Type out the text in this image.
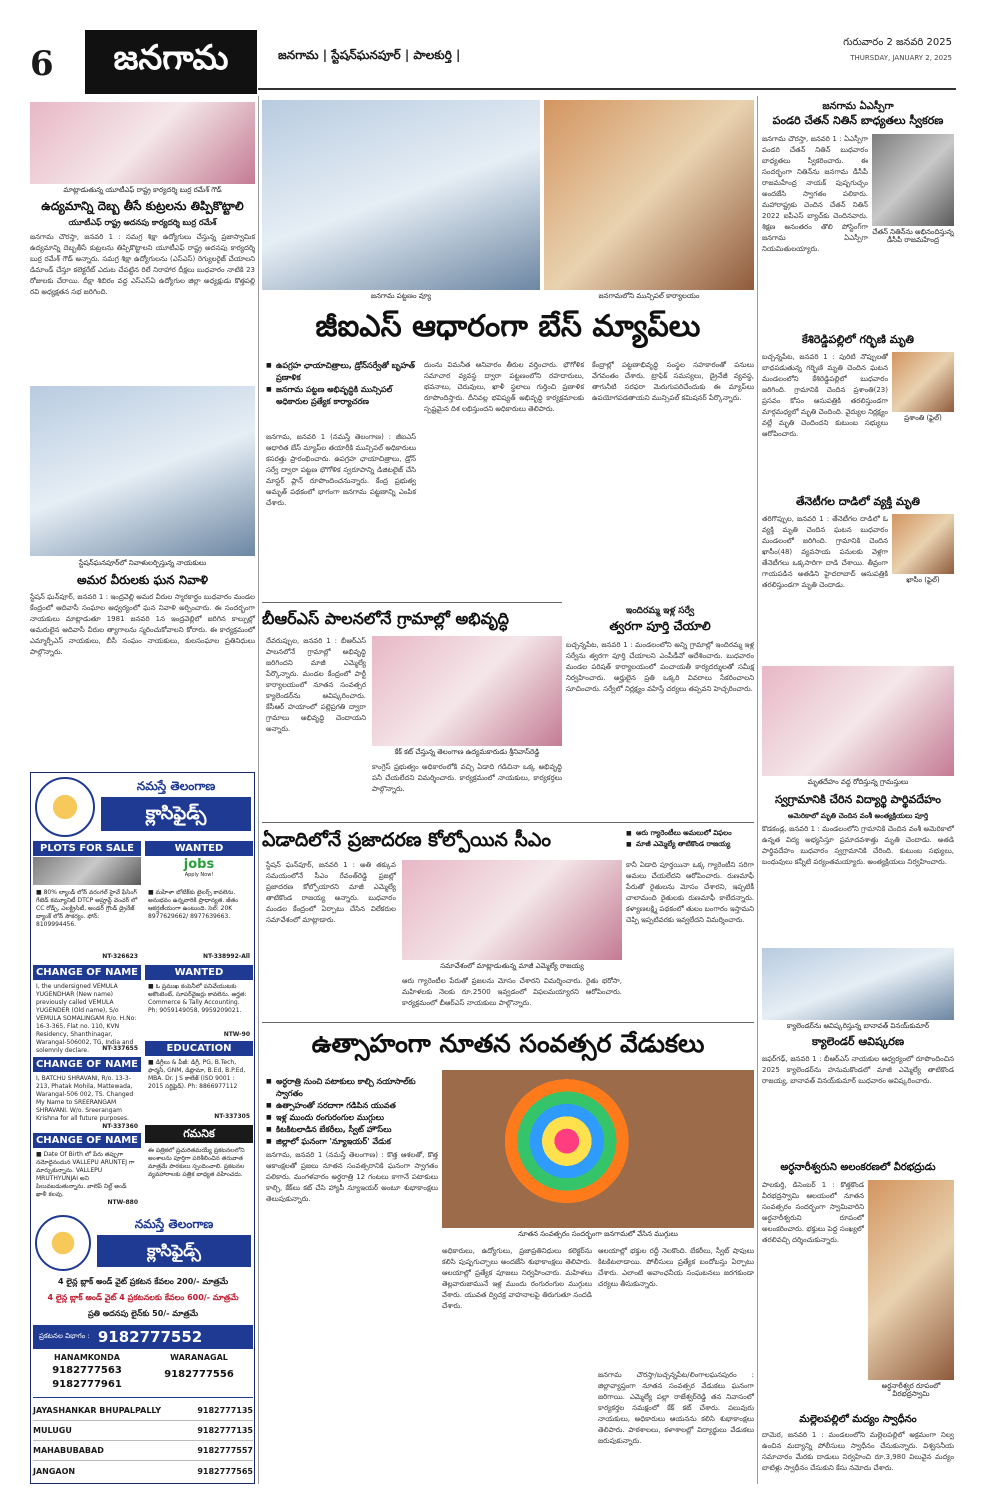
6	జనగామ	జనగామ | స్టేషన్‌ఘనపూర్ | పాలకుర్తి |
గురువారం 2 జనవరి 2025
THURSDAY, JANUARY 2, 2025
మాట్లాడుతున్న యూటీఎఫ్ రాష్ట్ర కార్యదర్శి బుర్ర రమేశ్ గౌడ్
ఉద్యమాన్ని దెబ్బ తీసే కుట్రలను తిప్పికొట్టాలి
యూటీఎఫ్ రాష్ట్ర అదనపు కార్యదర్శి బుర్ర రమేశ్
జనగామ చౌరస్తా, జనవరి 1 : సమగ్ర శిక్షా ఉద్యోగులు చేస్తున్న ప్రజాస్వామిక ఉద్యమాన్ని దెబ్బతీసే కుట్రలను తిప్పికొట్టాలని యూటీఎఫ్ రాష్ట్ర అదనపు కార్యదర్శి బుర్ర రమేశ్ గౌడ్ అన్నారు. సమగ్ర శిక్షా ఉద్యోగులను (ఎస్ఎస్) రెగ్యులరైజ్ చేయాలని డిమాండ్ చేస్తూ కలెక్టరేట్ ఎదుట చేపట్టిన రిలే నిరాహార దీక్షలు బుధవారం నాటికి 23 రోజులకు చేరాయి. దీక్షా శిబిరం వద్ద ఎస్ఎస్ఏ ఉద్యోగుల జిల్లా అధ్యక్షుడు కొత్తపల్లి రవి అధ్యక్షతన సభ జరిగింది.
స్టేషన్‌ఘనపూర్‌లో నివాళులర్పిస్తున్న నాయకులు
అమర వీరులకు ఘన నివాళి
స్టేషన్ ఘన్‌పూర్, జనవరి 1 : ఇంద్రవెల్లి అమర వీరుల స్మారకార్థం బుధవారం మండల కేంద్రంలో ఆదివాసీ సంఘాల ఆధ్వర్యంలో ఘన నివాళి అర్పించారు. ఈ సందర్భంగా నాయకులు మాట్లాడుతూ 1981 జనవరి 1న ఇంద్రవెల్లిలో జరిగిన కాల్పుల్లో అమరులైన ఆదివాసీ వీరుల త్యాగాలను స్మరించుకోవాలని కోరారు. ఈ కార్యక్రమంలో ఎమ్మార్పీఎస్ నాయకులు, బీసీ సంఘం నాయకులు, కులసంఘాల ప్రతినిధులు పాల్గొన్నారు.
నమస్తే తెలంగాణ
క్లాసిఫైడ్స్
PLOTS FOR SALE
■ 80% ల్యాండ్ లోన్ వరంగల్ హైవే ఫేసింగ్ గేటెడ్ కమ్యూనిటీ DTCP అప్రూవ్డ్ వెంచర్ లో CC రోడ్స్, ఎలక్ట్రిసిటీ, అండర్ గ్రౌండ్ డ్రైనేజ్ బ్యాంక్ లోన్ సౌకర్యం. ఫోన్: 8109994456.
NT-326623
WANTED
jobs
Apply Now!
■ మహిళా బోటిక్‌కు టైలర్స్ కావలెను. అనుభవం ఉన్నవారికి ప్రాధాన్యత. జీతం ఆకర్షణీయంగా ఉంటుంది. సెల్: 20K 8977629662/ 8977639663.
NT-338992-All
CHANGE OF NAME
I, the undersigned VEMULA YUGENDHAR (New name) previously called VEMULA YUGENDER (Old name), S/o VEMULA SOMALINGAM R/o. H.No: 16-3-365, Flat no. 110, KVN Residency, Shanthinagar, Warangal-506002, TG, India and solemnly declare.	NT-337655
WANTED
■ ఓ ప్రముఖ కంపెనీలో పనిచేయుటకు అకౌంటెంట్, సూపర్‌వైజర్లు కావలెను. అర్హత: Commerce & Tally Accounting. Ph: 9059149058, 9959209021.
NTW-90
CHANGE OF NAME
I, BATCHU SHRAVANI, R/o. 13-3-213, Phatak Mohila, Mattewada, Warangal-506 002, TS. Changed My Name to SREERANGAM SHRAVANI. W/o. Sreerangam Krishna for all future purposes.
NT-337360
EDUCATION
■ డిగ్రీలు & పీజీ: డిగ్రీ, PG, B.Tech, ఫార్మసీ, GNM, డిప్లొమా, B.Ed, B.P.Ed, MBA. Dr. J S కాలేజ్ (ISO 9001 : 2015 సర్టిఫైడ్). Ph: 8866977112
NT-337305
CHANGE OF NAME
■ Date Of Birth లో పేరు తప్పుగా నమోదైనందున VALLEPU ARUNTEJ గా మార్చుకున్నాను. VALLEPU MRUTHYUNJAI అని పిలువబడుతున్నాను. వాలెప్ నిల్ట్ అండ్ ఖాళీ కలవు.
NTW-880
గమనిక
ఈ పత్రికలో ప్రచురితమయ్యే ప్రకటనలలోని అంశాలను పూర్తిగా పరిశీలించిన తరువాత మాత్రమే పాఠకులు స్పందించాలి. ప్రకటనల వ్యవహారాలకు పత్రిక బాధ్యత వహించదు.
నమస్తే తెలంగాణ
క్లాసిఫైడ్స్
4 లైన్ల బ్లాక్ అండ్ వైట్ ప్రకటన కేవలం 200/- మాత్రమే
4 లైన్ల బ్లాక్ అండ్ వైట్ 4 ప్రకటనలకు కేవలం 600/- మాత్రమే
ప్రతి అదనపు లైన్‌కు 50/- మాత్రమే
ప్రకటనల విభాగం : 9182777552
HANAMKONDA
9182777563
9182777961
WARANAGAL
9182777556
JAYASHANKAR BHUPALPALLY	9182777135
MULUGU	9182777135
MAHABUBABAD	9182777557
JANGAON	9182777565
జనగామ పట్టణం వ్యూ	జనగామలోని మున్సిపల్ కార్యాలయం
జీఐఎస్ ఆధారంగా బేస్ మ్యాప్‌లు
■ ఉపగ్రహ ఛాయాచిత్రాలు, డ్రోన్‌సర్వేతో బృహత్ ప్రణాళిక
■ జనగామ పట్టణ అభివృద్ధికి మున్సిపల్ అధికారుల ప్రత్యేక కార్యాచరణ
జనగామ, జనవరి 1 (నమస్తే తెలంగాణ) : జీఐఎస్ ఆధారిత బేస్ మ్యాప్‌ల తయారీకి మున్సిపల్ అధికారులు కసరత్తు ప్రారంభించారు. ఉపగ్రహ ఛాయాచిత్రాలు, డ్రోన్ సర్వే ద్వారా పట్టణ భౌగోళిక స్వరూపాన్ని డిజిటలైజ్ చేసి మాస్టర్ ప్లాన్ రూపొందించనున్నారు. కేంద్ర ప్రభుత్వ అమృత్ పథకంలో భాగంగా జనగామ పట్టణాన్ని ఎంపిక చేశారు.
దుంను విమనీత ఆనివారం తీరుల వర్తించారు. భౌగోళిక సమాచార వ్యవస్థ ద్వారా పట్టణంలోని రహదారులు, భవనాలు, చెరువులు, ఖాళీ స్థలాలు గుర్తించి ప్రణాళిక రూపొందిస్తారు. దీనివల్ల భవిష్యత్ అభివృద్ధి కార్యక్రమాలకు స్పష్టమైన దిశ లభిస్తుందని అధికారులు తెలిపారు.
కేంద్రాల్లో పట్టణాభివృద్ధి సంస్థల సహకారంతో పనులు వేగవంతం చేశారు. ట్రాఫిక్ సమస్యలు, డ్రైనేజీ వ్యవస్థ, తాగునీటి సరఫరా మెరుగుపరిచేందుకు ఈ మ్యాప్‌లు ఉపయోగపడతాయని మున్సిపల్ కమిషనర్ పేర్కొన్నారు.
బీఆర్‌ఎస్ పాలనలోనే గ్రామాల్లో అభివృద్ధి
దేవరుప్పుల, జనవరి 1 : బీఆర్‌ఎస్ పాలనలోనే గ్రామాల్లో అభివృద్ధి జరిగిందని మాజీ ఎమ్మెల్యే పేర్కొన్నారు. మండల కేంద్రంలో పార్టీ కార్యాలయంలో నూతన సంవత్సర క్యాలెండర్‌ను ఆవిష్కరించారు. కేసీఆర్ హయాంలో పల్లెప్రగతి ద్వారా గ్రామాలు అభివృద్ధి చెందాయని అన్నారు.
కేక్ కట్ చేస్తున్న తెలంగాణ ఉద్యమకారుడు శ్రీనివాస్‌రెడ్డి
కాంగ్రెస్ ప్రభుత్వం అధికారంలోకి వచ్చి ఏడాది గడిచినా ఒక్క అభివృద్ధి పనీ చేయలేదని విమర్శించారు. కార్యక్రమంలో నాయకులు, కార్యకర్తలు పాల్గొన్నారు.
ఇందిరమ్మ ఇళ్ల సర్వే
త్వరగా పూర్తి చేయాలి
బచ్చన్నపేట, జనవరి 1 : మండలంలోని అన్ని గ్రామాల్లో ఇందిరమ్మ ఇళ్ల సర్వేను త్వరగా పూర్తి చేయాలని ఎంపీడీవో ఆదేశించారు. బుధవారం మండల పరిషత్ కార్యాలయంలో పంచాయతీ కార్యదర్శులతో సమీక్ష నిర్వహించారు. అర్హులైన ప్రతి ఒక్కరి వివరాలు సేకరించాలని సూచించారు. సర్వేలో నిర్లక్ష్యం వహిస్తే చర్యలు తప్పవని హెచ్చరించారు.
ఏడాదిలోనే ప్రజాదరణ కోల్పోయిన సీఎం	■ ఆరు గ్యారెంటీలు అమలులో విఫలం
■ మాజీ ఎమ్మెల్యే తాటికొండ రాజయ్య
స్టేషన్ ఘన్‌పూర్, జనవరి 1 : అతి తక్కువ సమయంలోనే సీఎం రేవంత్‌రెడ్డి ప్రజల్లో ప్రజాదరణ కోల్పోయారని మాజీ ఎమ్మెల్యే తాటికొండ రాజయ్య అన్నారు. బుధవారం మండల కేంద్రంలో ఏర్పాటు చేసిన విలేకరుల సమావేశంలో మాట్లాడారు.
సమావేశంలో మాట్లాడుతున్న మాజీ ఎమ్మెల్యే రాజయ్య
ఆరు గ్యారెంటీల పేరుతో ప్రజలను మోసం చేశారని విమర్శించారు. రైతు భరోసా, మహిళలకు నెలకు రూ.2500 ఇవ్వడంలో విఫలమయ్యారని ఆరోపించారు. కార్యక్రమంలో బీఆర్‌ఎస్ నాయకులు పాల్గొన్నారు.
కానీ ఏడాది పూర్తయినా ఒక్క గ్యారెంటీని సరిగా అమలు చేయలేదని ఆరోపించారు. రుణమాఫీ పేరుతో రైతులను మోసం చేశారని, ఇప్పటికీ చాలామంది రైతులకు రుణమాఫీ కాలేదన్నారు. కళ్యాణలక్ష్మి పథకంలో తులం బంగారం ఇస్తామని చెప్పి ఇప్పటివరకు ఇవ్వలేదని విమర్శించారు.
ఉత్సాహంగా నూతన సంవత్సర వేడుకలు
■ అర్ధరాత్రి నుంచి పటాకులు కాల్చి నయాసాల్‌కు స్వాగతం
■ ఉత్సాహంతో సరదాగా గడిపిన యువత
■ ఇళ్ల ముందు రంగురంగుల ముగ్గులు
■ కిటకిటలాడిన బేకరీలు, స్వీట్ హౌస్‌లు
■ జిల్లాలో ఘనంగా 'న్యూఇయర్' వేడుక
నూతన సంవత్సరం సందర్భంగా జనగామలో వేసిన ముగ్గులు
జనగామ, జనవరి 1 (నమస్తే తెలంగాణ) : కొత్త ఆశలతో, కొత్త ఆకాంక్షలతో ప్రజలు నూతన సంవత్సరానికి ఘనంగా స్వాగతం పలికారు. మంగళవారం అర్ధరాత్రి 12 గంటలు కాగానే పటాకులు కాల్చి, కేక్‌లు కట్ చేసి హ్యాపీ న్యూఇయర్ అంటూ శుభాకాంక్షలు తెలుపుకున్నారు.
అధికారులు, ఉద్యోగులు, ప్రజాప్రతినిధులు కలెక్టర్‌ను కలిసి పుష్పగుచ్ఛాలు అందజేసి శుభాకాంక్షలు తెలిపారు. ఆలయాల్లో ప్రత్యేక పూజలు నిర్వహించారు. మహిళలు తెల్లవారుజామునే ఇళ్ల ముందు రంగురంగుల ముగ్గులు వేశారు. యువత ద్విచక్ర వాహనాలపై తిరుగుతూ సందడి చేశారు.
ఆలయాల్లో భక్తుల రద్దీ నెలకొంది. బేకరీలు, స్వీట్ షాపులు కిటకిటలాడాయి. పోలీసులు ప్రత్యేక బందోబస్తు ఏర్పాటు చేశారు. ఎలాంటి అవాంఛనీయ సంఘటనలు జరగకుండా చర్యలు తీసుకున్నారు.
జనగామ చౌరస్తా/బచ్చన్నపేట/లింగాలఘనపురం : జిల్లావ్యాప్తంగా నూతన సంవత్సర వేడుకలు ఘనంగా జరిగాయి. ఎమ్మెల్యే పల్లా రాజేశ్వర్‌రెడ్డి తన నివాసంలో కార్యకర్తల సమక్షంలో కేక్ కట్ చేశారు. పలువురు నాయకులు, అధికారులు ఆయనను కలిసి శుభాకాంక్షలు తెలిపారు. పాఠశాలలు, కళాశాలల్లో విద్యార్థులు వేడుకలు జరుపుకున్నారు.
జనగామ ఏఎస్పీగా
పండరి చేతన్ నితిన్ బాధ్యతలు స్వీకరణ
జనగామ చౌరస్తా, జనవరి 1 : ఏఎస్పీగా పండరి చేతన్ నితిన్ బుధవారం బాధ్యతలు స్వీకరించారు. ఈ సందర్భంగా నితిన్‌ను జనగామ డీసీపీ రాజమహేంద్ర నాయక్ పుష్పగుచ్ఛం అందజేసి స్వాగతం పలికారు. మహారాష్ట్రకు చెందిన చేతన్ నితిన్ 2022 ఐపీఎస్ బ్యాచ్‌కు చెందినవారు. శిక్షణ అనంతరం తొలి పోస్టింగ్‌గా జనగామ ఏఎస్పీగా నియమితులయ్యారు.
చేతన్ నితిన్‌ను అభినందిస్తున్న డీసీపీ రాజమహేంద్ర
కేశిరెడ్డిపల్లిలో గర్భిణి మృతి
బచ్చన్నపేట, జనవరి 1 : పురిటి నొప్పులతో బాధపడుతున్న గర్భిణి మృతి చెందిన ఘటన మండలంలోని కేశిరెడ్డిపల్లిలో బుధవారం జరిగింది. గ్రామానికి చెందిన ప్రశాంతి(23) ప్రసవం కోసం ఆసుపత్రికి తరలిస్తుండగా మార్గమధ్యలో మృతి చెందింది. వైద్యుల నిర్లక్ష్యం వల్లే మృతి చెందిందని కుటుంబ సభ్యులు ఆరోపించారు.
ప్రశాంతి (ఫైల్)
తేనెటీగల దాడిలో వ్యక్తి మృతి
తరిగొప్పుల, జనవరి 1 : తేనెటీగల దాడిలో ఓ వ్యక్తి మృతి చెందిన ఘటన బుధవారం మండలంలో జరిగింది. గ్రామానికి చెందిన ఖాసీం(48) వ్యవసాయ పనులకు వెళ్లగా తేనెటీగలు ఒక్కసారిగా దాడి చేశాయి. తీవ్రంగా గాయపడిన అతడిని హైదరాబాద్ ఆసుపత్రికి తరలిస్తుండగా మృతి చెందాడు.
ఖాసీం (ఫైల్)
మృతదేహం వద్ద రోదిస్తున్న గ్రామస్తులు
స్వగ్రామానికి చేరిన విద్యార్థి పార్థివదేహం
అమెరికాలో మృతి చెందిన వంశీ అంత్యక్రియలు పూర్తి
కొడకండ్ల, జనవరి 1 : మండలంలోని గ్రామానికి చెందిన వంశీ అమెరికాలో ఉన్నత విద్య అభ్యసిస్తూ ప్రమాదవశాత్తు మృతి చెందాడు. అతడి పార్థివదేహం బుధవారం స్వగ్రామానికి చేరింది. కుటుంబ సభ్యులు, బంధువులు కన్నీటి పర్యంతమయ్యారు. అంత్యక్రియలు నిర్వహించారు.
క్యాలెండర్‌ను ఆవిష్కరిస్తున్న బానావత్ వినయ్‌కుమార్
క్యాలెండర్ ఆవిష్కరణ
జఫర్‌గఢ్, జనవరి 1 : బీఆర్‌ఎస్ నాయకుల ఆధ్వర్యంలో రూపొందించిన 2025 క్యాలెండర్‌ను హనుమకొండలో మాజీ ఎమ్మెల్యే తాటికొండ రాజయ్య, బానావత్ వినయ్‌కుమార్ బుధవారం ఆవిష్కరించారు.
అర్ధనారీశ్వరుని అలంకరణలో వీరభద్రుడు
పాలకుర్తి, డిసెంబర్ 1 : కొత్తకొండ వీరభద్రస్వామి ఆలయంలో నూతన సంవత్సరం సందర్భంగా స్వామివారిని అర్ధనారీశ్వరుని రూపంలో అలంకరించారు. భక్తులు పెద్ద సంఖ్యలో తరలివచ్చి దర్శించుకున్నారు.
అర్ధనారీశ్వర రూపంలో వీరభద్రస్వామి
మల్లెలపల్లిలో మద్యం స్వాధీనం
దామెర, జనవరి 1 : మండలంలోని మల్లెలపల్లిలో అక్రమంగా నిల్వ ఉంచిన మద్యాన్ని పోలీసులు స్వాధీనం చేసుకున్నారు. విశ్వసనీయ సమాచారం మేరకు దాడులు నిర్వహించి రూ.3,980 విలువైన మద్యం బాటిళ్లు స్వాధీనం చేసుకుని కేసు నమోదు చేశారు.
